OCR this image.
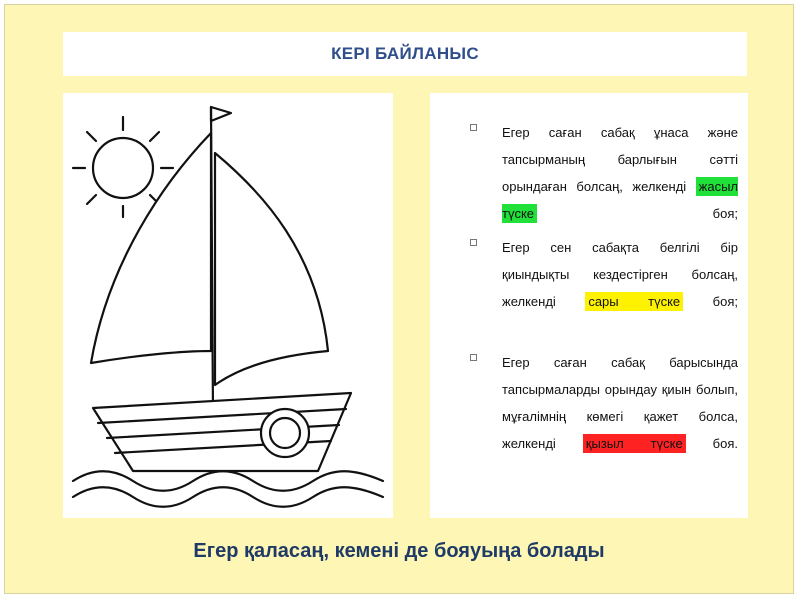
КЕРІ БАЙЛАНЫС
Егер саған сабақ ұнаса және тапсырманың барлығын сәтті орындаған болсаң, желкенді жасыл түске боя;
Егер сен сабақта белгілі бір қиындықты кездестірген болсаң, желкенді сары түске боя;
Егер саған сабақ барысында тапсырмаларды орындау қиын болып, мұғалімнің көмегі қажет болса, желкенді қызыл түске боя.
Егер қаласаң, кемені де бояуыңа болады
